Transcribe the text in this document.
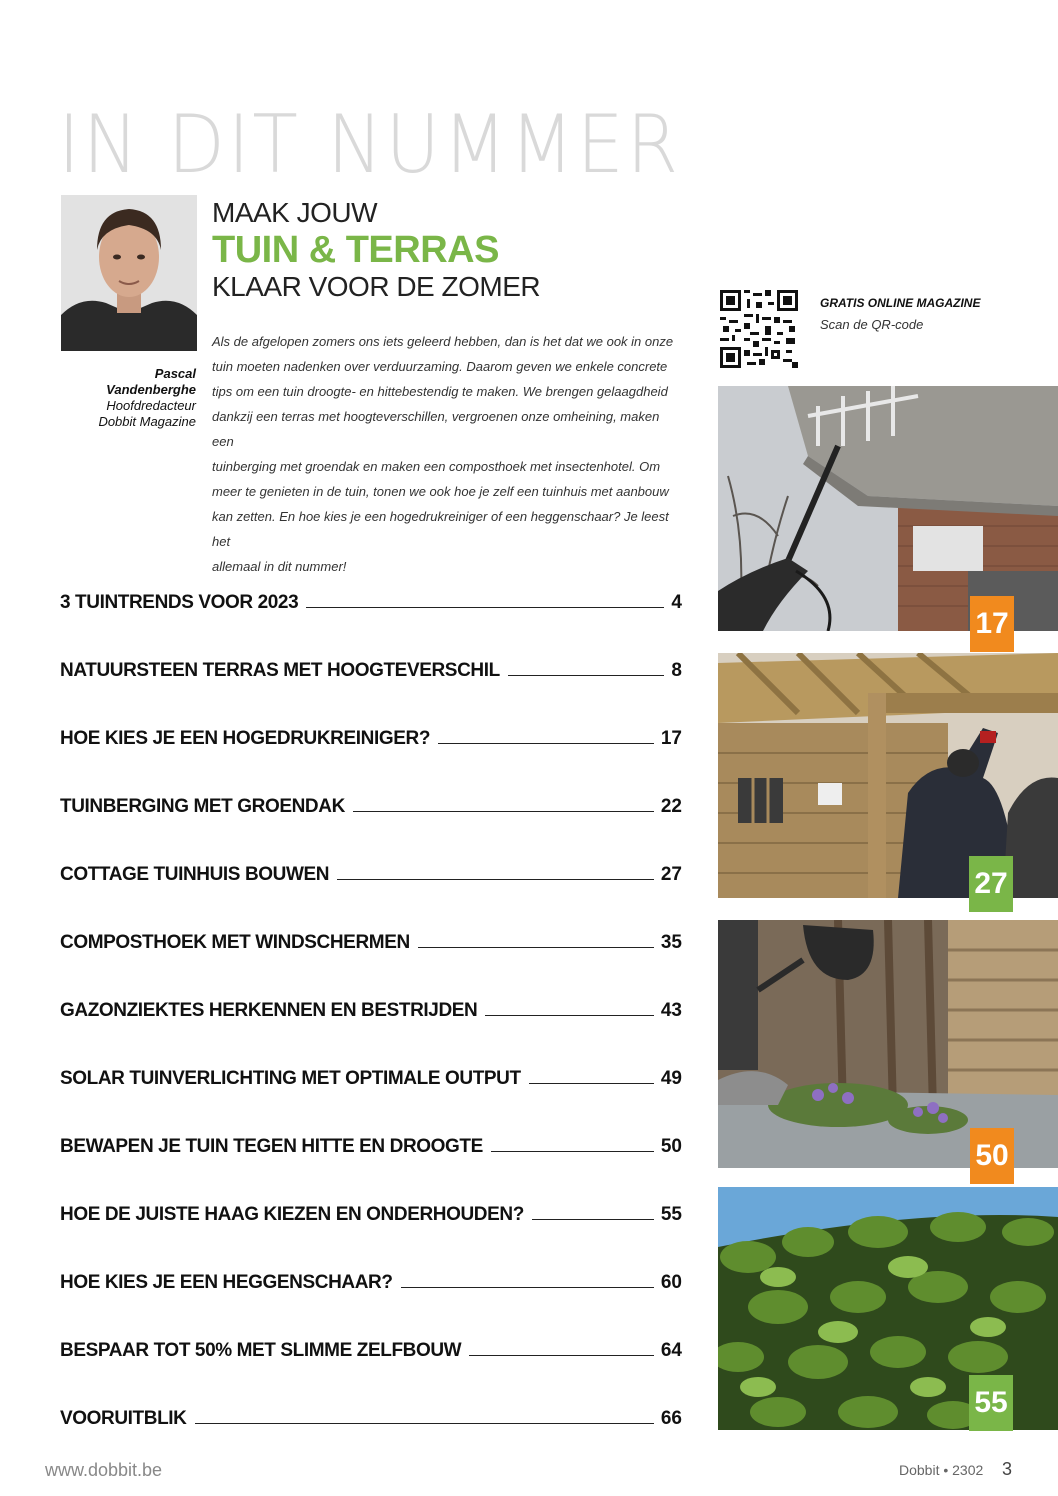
IN DIT NUMMER
Pascal
Vandenberghe
Hoofdredacteur
Dobbit Magazine
MAAK JOUW
TUIN & TERRAS
KLAAR VOOR DE ZOMER
Als de afgelopen zomers ons iets geleerd hebben, dan is het dat we ook in onze
tuin moeten nadenken over verduurzaming. Daarom geven we enkele concrete
tips om een tuin droogte- en hittebestendig te maken. We brengen gelaagdheid
dankzij een terras met hoogteverschillen, vergroenen onze omheining, maken een
tuinberging met groendak en maken een composthoek met insectenhotel. Om
meer te genieten in de tuin, tonen we ook hoe je zelf een tuinhuis met aanbouw
kan zetten. En hoe kies je een hogedrukreiniger of een heggenschaar? Je leest het
allemaal in dit nummer!
3 TUINTRENDS VOOR 2023	4
NATUURSTEEN TERRAS MET HOOGTEVERSCHIL	8
HOE KIES JE EEN HOGEDRUKREINIGER?	17
TUINBERGING MET GROENDAK	22
COTTAGE TUINHUIS BOUWEN	27
COMPOSTHOEK MET WINDSCHERMEN	35
GAZONZIEKTES HERKENNEN EN BESTRIJDEN	43
SOLAR TUINVERLICHTING MET OPTIMALE OUTPUT	49
BEWAPEN JE TUIN TEGEN HITTE EN DROOGTE	50
HOE DE JUISTE HAAG KIEZEN EN ONDERHOUDEN?	55
HOE KIES JE EEN HEGGENSCHAAR?	60
BESPAAR TOT 50% MET SLIMME ZELFBOUW	64
VOORUITBLIK	66
GRATIS ONLINE MAGAZINE
Scan de QR-code
17
27
50
55
www.dobbit.be	Dobbit • 2302 3
